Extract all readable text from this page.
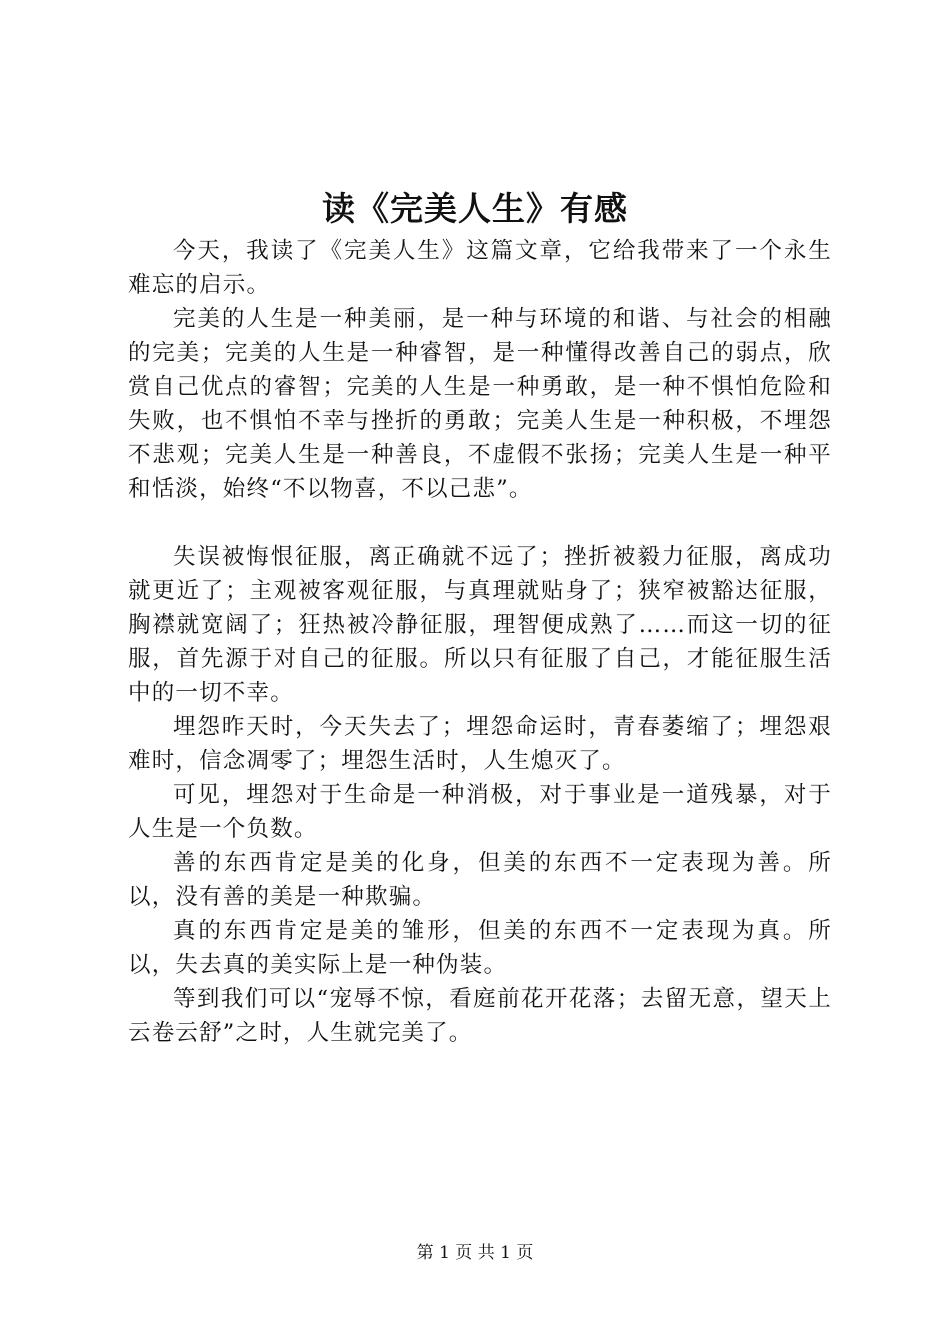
读《完美人生》有感

今天，我读了《完美人生》这篇文章，它给我带来了一个永生难忘的启示。

完美的人生是一种美丽，是一种与环境的和谐、与社会的相融的完美；完美的人生是一种睿智，是一种懂得改善自己的弱点，欣赏自己优点的睿智；完美的人生是一种勇敢，是一种不惧怕危险和失败，也不惧怕不幸与挫折的勇敢；完美人生是一种积极，不埋怨不悲观；完美人生是一种善良，不虚假不张扬；完美人生是一种平和恬淡，始终“不以物喜，不以己悲”。

失误被悔恨征服，离正确就不远了；挫折被毅力征服，离成功就更近了；主观被客观征服，与真理就贴身了；狭窄被豁达征服，胸襟就宽阔了；狂热被冷静征服，理智便成熟了……而这一切的征服，首先源于对自己的征服。所以只有征服了自己，才能征服生活中的一切不幸。

埋怨昨天时，今天失去了；埋怨命运时，青春萎缩了；埋怨艰难时，信念凋零了；埋怨生活时，人生熄灭了。

可见，埋怨对于生命是一种消极，对于事业是一道残暴，对于人生是一个负数。

善的东西肯定是美的化身，但美的东西不一定表现为善。所以，没有善的美是一种欺骗。

真的东西肯定是美的雏形，但美的东西不一定表现为真。所以，失去真的美实际上是一种伪装。

等到我们可以“宠辱不惊，看庭前花开花落；去留无意，望天上云卷云舒”之时，人生就完美了。

第 1 页 共 1 页
